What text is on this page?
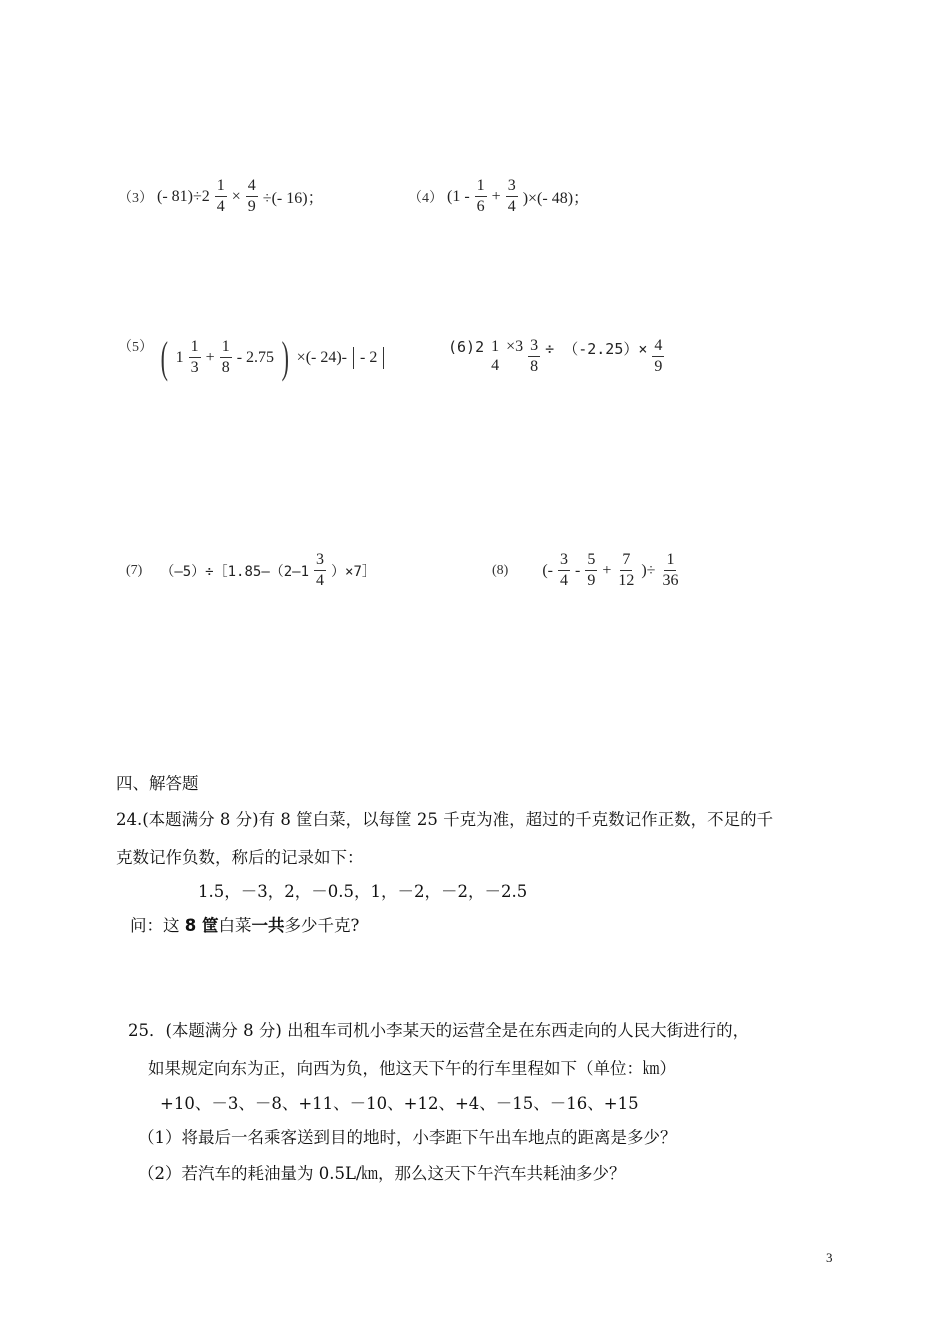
（3） (- $81)\div 2 \frac{1}{4} \times \frac{4}{9}$ ÷(- 16)；	（4） ($1 - \frac{1}{6} + \frac{3}{4}$ )×(- 48)；
（5） ( $1 \frac{1}{3} + \frac{1}{8} - 2.75$ ) ×(- 24)- - 2
(6)2 1
4
$\times 3 \frac{3}{8} \div (-2.25)\times \frac{4}{9}$
(7) （—5）÷［1.85—（2—1 $\frac{3}{4}$ ）×7］	(8) (- $\frac{3}{4} - \frac{5}{9} + \frac{7}{12}$ )÷ $\frac{1}{36}$
四、解答题
24.(本题满分 8 分)有 8 筐白菜，以每筐 25 千克为准，超过的千克数记作正数，不足的千
克数记作负数，称后的记录如下：
1.5，－3，2，－0.5，1，－2，－2，－2.5
问：这 8 筐白菜一共多少千克?
25．(本题满分 8 分) 出租车司机小李某天的运营全是在东西走向的人民大街进行的，
如果规定向东为正，向西为负，他这天下午的行车里程如下（单位：㎞）
+10、－3、－8、+11、－10、+12、+4、－15、－16、+15
（1）将最后一名乘客送到目的地时，小李距下午出车地点的距离是多少？
（2）若汽车的耗油量为 0.5L/㎞，那么这天下午汽车共耗油多少？
3
